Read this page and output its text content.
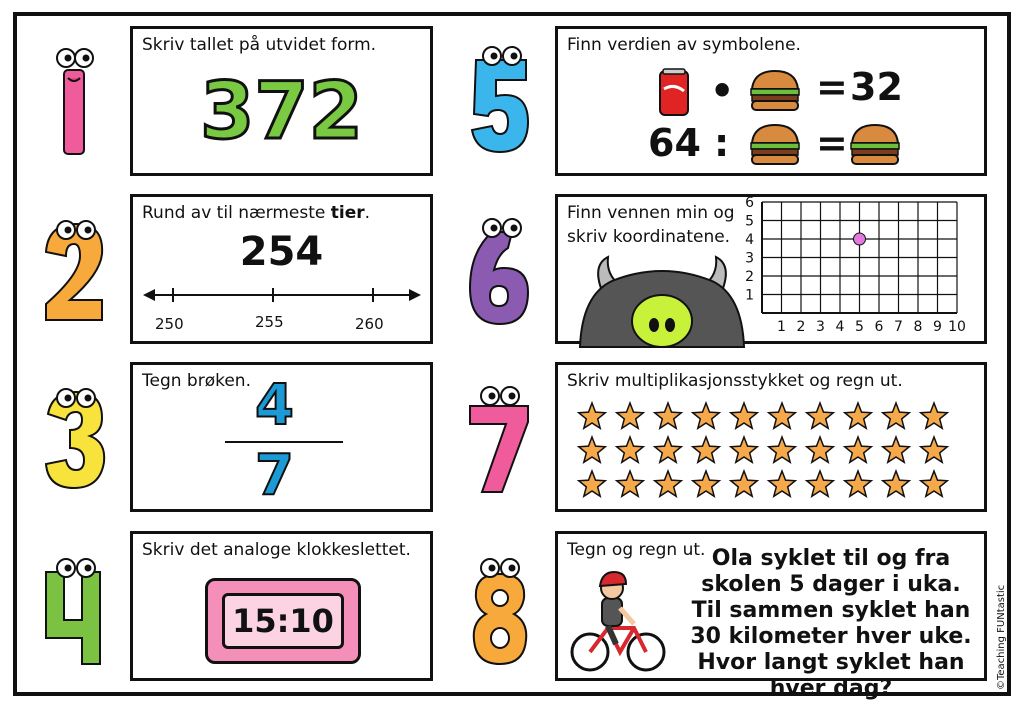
Skriv tallet på utvidet form.
372
Rund av til nærmeste tier.
254
250	255	260
Tegn brøken. 4
7
Skriv det analoge klokkeslettet.
15:10
Finn verdien av symbolene.
• = 32
64 : =
Finn vennen min og
skriv koordinatene.
1 2 3 4 5 6 7 8 9 10
1
2
3
4
5
6
Skriv multiplikasjonsstykket og regn ut.
Tegn og regn ut. Ola syklet til og fra skolen 5 dager i uka. Til sammen syklet han 30 kilometer hver uke. Hvor langt syklet han hver dag?	©Teaching FUNtastic
